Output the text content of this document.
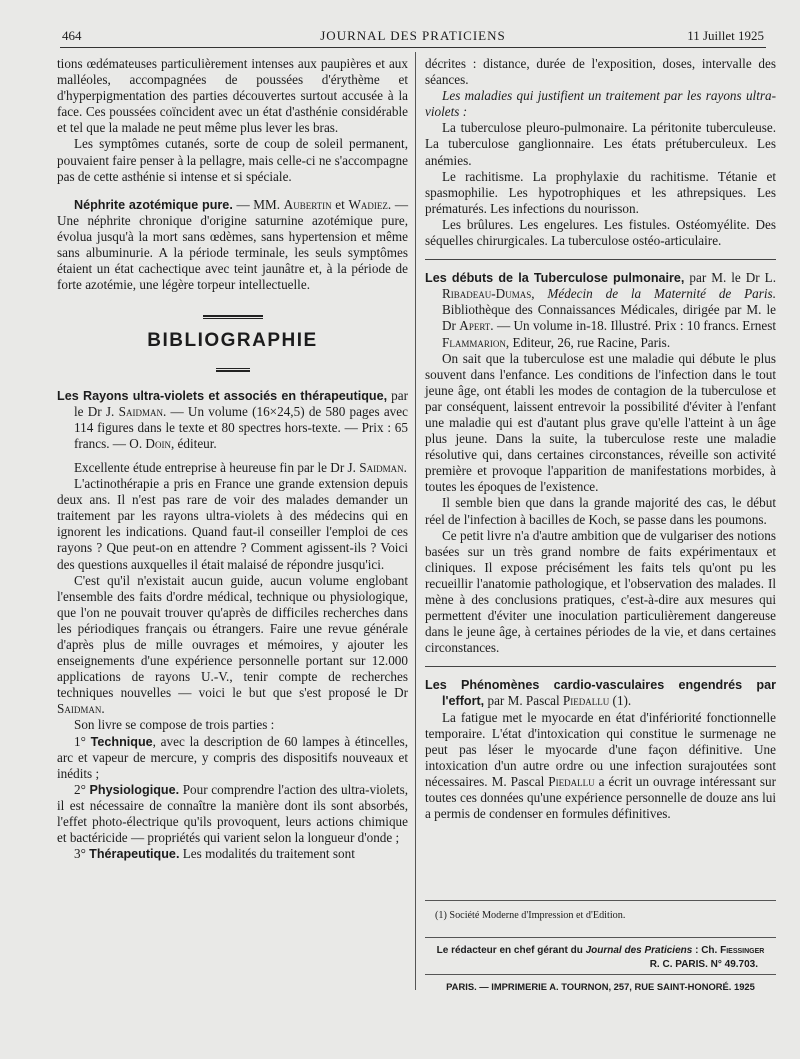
464	JOURNAL DES PRATICIENS	11 Juillet 1925

tions œdémateuses particulièrement intenses aux paupières et aux malléoles, accompagnées de poussées d'érythème et d'hyperpigmentation des parties découvertes surtout accusée à la face. Ces poussées coïncident avec un état d'asthénie considérable et tel que la malade ne peut même plus lever les bras.

Les symptômes cutanés, sorte de coup de soleil permanent, pouvaient faire penser à la pellagre, mais celle-ci ne s'accompagne pas de cette asthénie si intense et si spéciale.

Néphrite azotémique pure. — MM. Aubertin et Wadiez. — Une néphrite chronique d'origine saturnine azotémique pure, évolua jusqu'à la mort sans œdèmes, sans hypertension et même sans albuminurie. A la période terminale, les seuls symptômes étaient un état cachectique avec teint jaunâtre et, à la période de forte azotémie, une légère torpeur intellectuelle.

BIBLIOGRAPHIE

Les Rayons ultra-violets et associés en thérapeutique, par le Dr J. Saidman. — Un volume (16×24,5) de 580 pages avec 114 figures dans le texte et 80 spectres hors-texte. — Prix : 65 francs. — O. Doin, éditeur.

Excellente étude entreprise à heureuse fin par le Dr J. Saidman.

L'actinothérapie a pris en France une grande extension depuis deux ans. Il n'est pas rare de voir des malades demander un traitement par les rayons ultra-violets à des médecins qui en ignorent les indications. Quand faut-il conseiller l'emploi de ces rayons ? Que peut-on en attendre ? Comment agissent-ils ? Voici des questions auxquelles il était malaisé de répondre jusqu'ici.

C'est qu'il n'existait aucun guide, aucun volume englobant l'ensemble des faits d'ordre médical, technique ou physiologique, que l'on ne pouvait trouver qu'après de difficiles recherches dans les périodiques français ou étrangers. Faire une revue générale d'après plus de mille ouvrages et mémoires, y ajouter les enseignements d'une expérience personnelle portant sur 12.000 applications de rayons U.-V., tenir compte de recherches techniques nouvelles — voici le but que s'est proposé le Dr Saidman.

Son livre se compose de trois parties :

1° Technique, avec la description de 60 lampes à étincelles, arc et vapeur de mercure, y compris des dispositifs nouveaux et inédits ;

2° Physiologique. Pour comprendre l'action des ultra-violets, il est nécessaire de connaître la manière dont ils sont absorbés, l'effet photo-électrique qu'ils provoquent, leurs actions chimique et bactéricide — propriétés qui varient selon la longueur d'onde ;

3° Thérapeutique. Les modalités du traitement sont

décrites : distance, durée de l'exposition, doses, intervalle des séances.

Les maladies qui justifient un traitement par les rayons ultra-violets :

La tuberculose pleuro-pulmonaire. La péritonite tuberculeuse. La tuberculose ganglionnaire. Les états prétuberculeux. Les anémies.

Le rachitisme. La prophylaxie du rachitisme. Tétanie et spasmophilie. Les hypotrophiques et les athrepsiques. Les prématurés. Les infections du nourisson.

Les brûlures. Les engelures. Les fistules. Ostéomyélite. Des séquelles chirurgicales. La tuberculose ostéo-articulaire.

Les débuts de la Tuberculose pulmonaire, par M. le Dr L. Ribadeau-Dumas, Médecin de la Maternité de Paris. Bibliothèque des Connaissances Médicales, dirigée par M. le Dr Apert. — Un volume in-18. Illustré. Prix : 10 francs. Ernest Flammarion, Editeur, 26, rue Racine, Paris.

On sait que la tuberculose est une maladie qui débute le plus souvent dans l'enfance. Les conditions de l'infection dans le tout jeune âge, ont établi les modes de contagion de la tuberculose et par conséquent, laissent entrevoir la possibilité d'éviter à l'enfant une maladie qui est d'autant plus grave qu'elle l'atteint à un âge plus jeune. Dans la suite, la tuberculose reste une maladie résolutive qui, dans certaines circonstances, réveille son activité première et provoque l'apparition de manifestations morbides, à toutes les époques de l'existence.

Il semble bien que dans la grande majorité des cas, le début réel de l'infection à bacilles de Koch, se passe dans les poumons.

Ce petit livre n'a d'autre ambition que de vulgariser des notions basées sur un très grand nombre de faits expérimentaux et cliniques. Il expose précisément les faits tels qu'ont pu les recueillir l'anatomie pathologique, et l'observation des malades. Il mène à des conclusions pratiques, c'est-à-dire aux mesures qui permettent d'éviter une inoculation particulièrement dangereuse dans le jeune âge, à certaines périodes de la vie, et dans certaines circonstances.

Les Phénomènes cardio-vasculaires engendrés par l'effort, par M. Pascal Piedallu (1).

La fatigue met le myocarde en état d'infériorité fonctionnelle temporaire. L'état d'intoxication qui constitue le surmenage ne peut pas léser le myocarde d'une façon définitive. Une intoxication d'un autre ordre ou une infection surajoutées sont nécessaires. M. Pascal Piedallu a écrit un ouvrage intéressant sur toutes ces données qu'une expérience personnelle de douze ans lui a permis de condenser en formules définitives.

(1) Société Moderne d'Impression et d'Edition.
Le rédacteur en chef gérant du Journal des Praticiens : Ch. Fiessinger
R. C. PARIS. N° 49.703.
PARIS. — IMPRIMERIE A. TOURNON, 257, RUE SAINT-HONORÉ. 1925
